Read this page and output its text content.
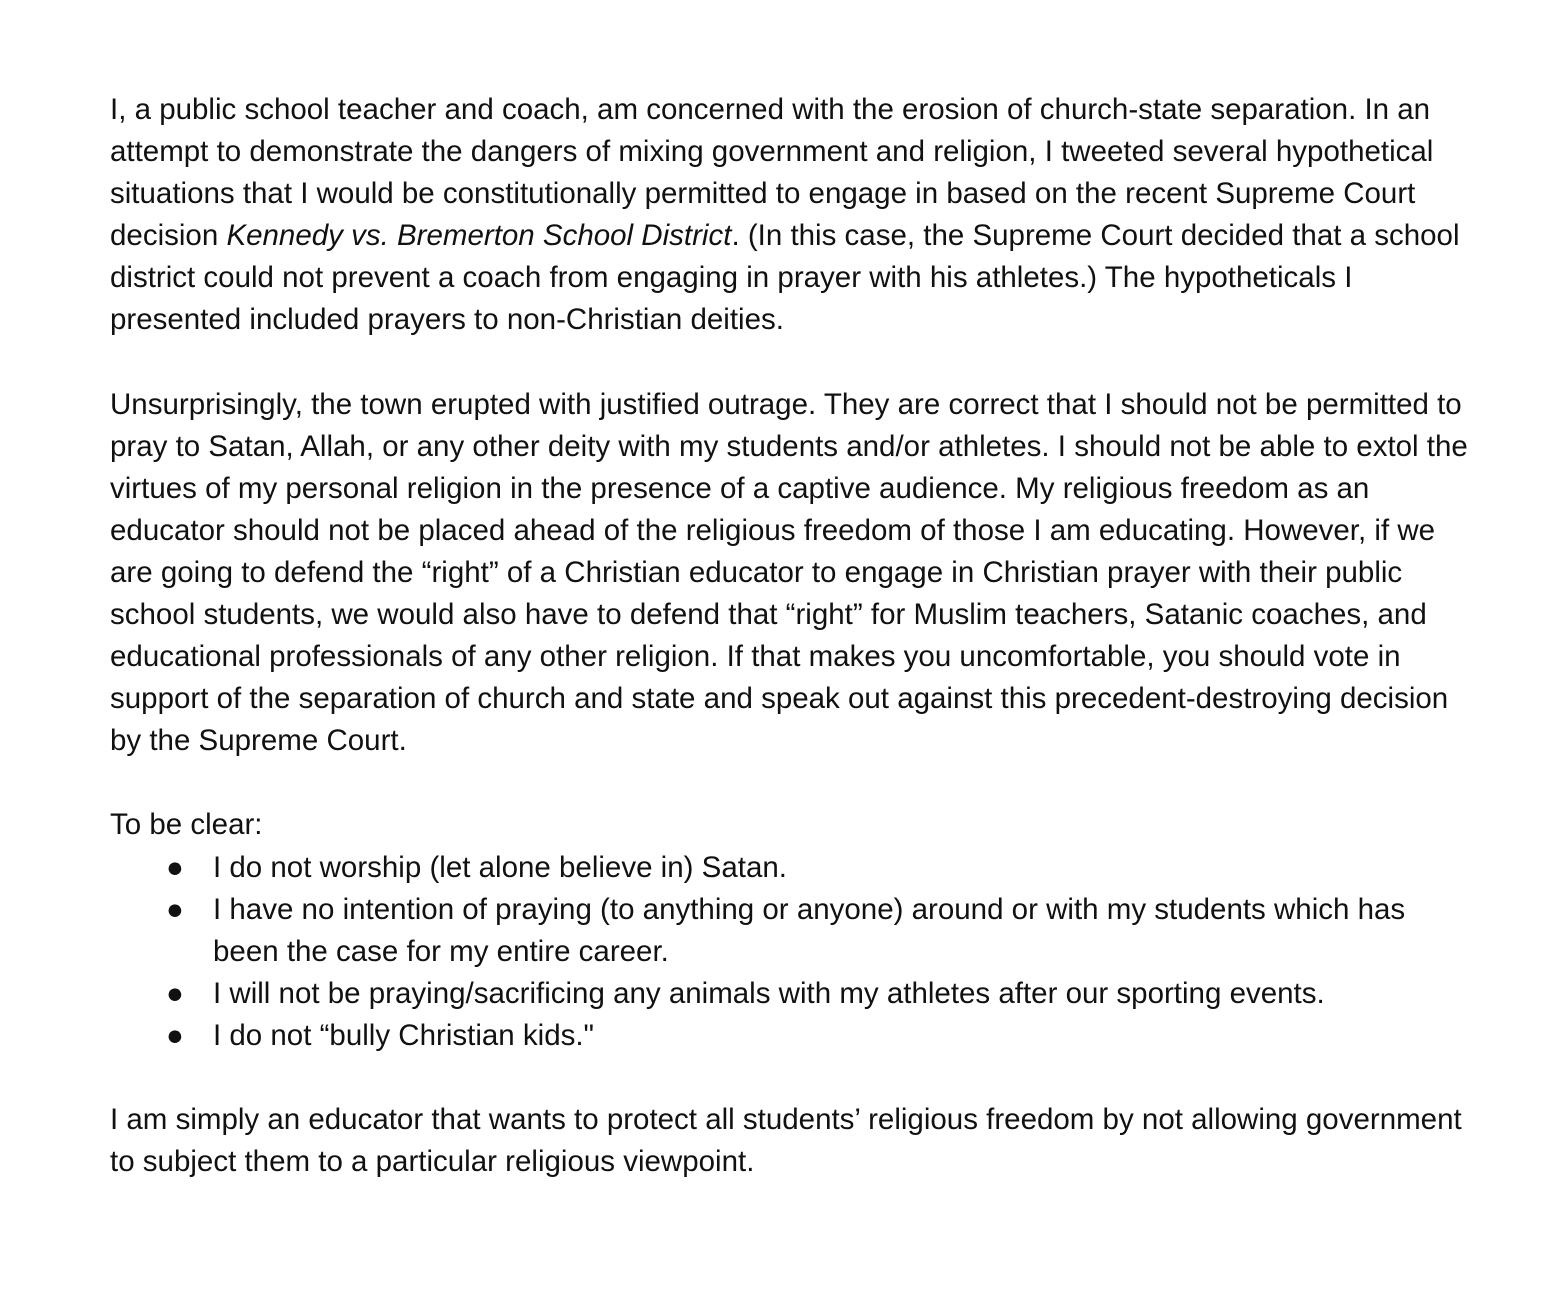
I, a public school teacher and coach, am concerned with the erosion of church-state separation. In an attempt to demonstrate the dangers of mixing government and religion, I tweeted several hypothetical situations that I would be constitutionally permitted to engage in based on the recent Supreme Court decision Kennedy vs. Bremerton School District. (In this case, the Supreme Court decided that a school district could not prevent a coach from engaging in prayer with his athletes.) The hypotheticals I presented included prayers to non-Christian deities.

Unsurprisingly, the town erupted with justified outrage. They are correct that I should not be permitted to pray to Satan, Allah, or any other deity with my students and/or athletes. I should not be able to extol the virtues of my personal religion in the presence of a captive audience. My religious freedom as an educator should not be placed ahead of the religious freedom of those I am educating. However, if we are going to defend the “right” of a Christian educator to engage in Christian prayer with their public school students, we would also have to defend that “right” for Muslim teachers, Satanic coaches, and educational professionals of any other religion. If that makes you uncomfortable, you should vote in support of the separation of church and state and speak out against this precedent-destroying decision by the Supreme Court.

To be clear:

● I do not worship (let alone believe in) Satan.
● I have no intention of praying (to anything or anyone) around or with my students which has been the case for my entire career.
● I will not be praying/sacrificing any animals with my athletes after our sporting events.
● I do not “bully Christian kids."

I am simply an educator that wants to protect all students’ religious freedom by not allowing government to subject them to a particular religious viewpoint.
